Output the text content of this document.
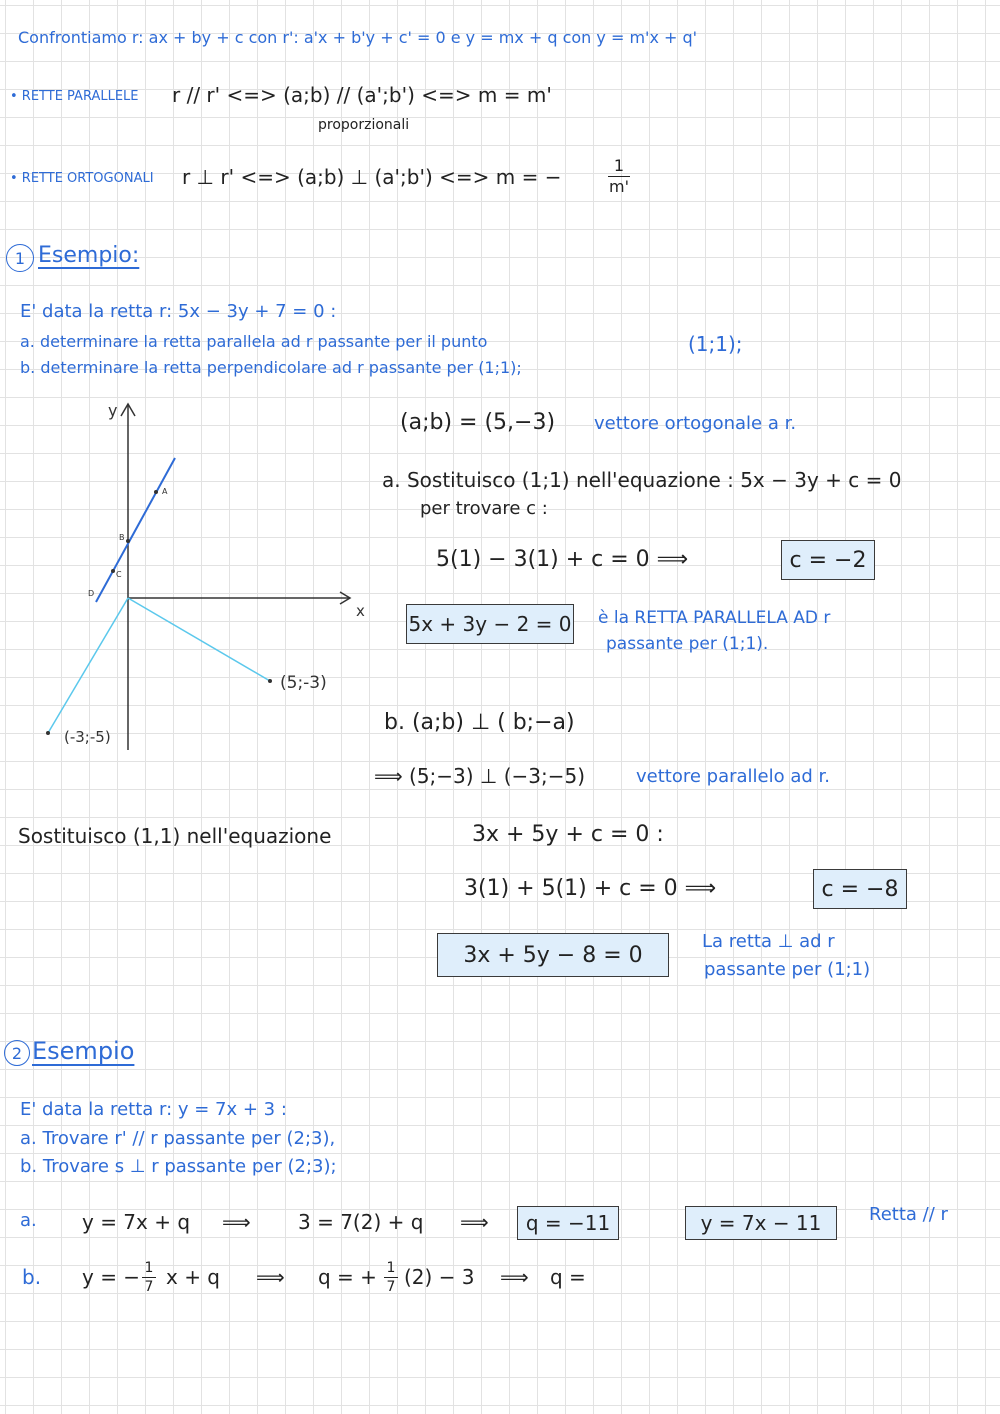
Confrontiamo r: ax + by + c con r': a'x + b'y + c' = 0 e y = mx + q con y = m'x + q'
• RETTE PARALLELE r // r' <=> (a;b) // (a';b') <=> m = m'
proporzionali
• RETTE ORTOGONALI r ⊥ r' <=> (a;b) ⊥ (a';b') <=> m = −	1
m'
1 Esempio:
E' data la retta r: 5x − 3y + 7 = 0 :
a. determinare la retta parallela ad r passante per il punto	(1;1);
b. determinare la retta perpendicolare ad r passante per (1;1);
y
x
A
B
C
D
(5;-3)
(-3;-5)
(a;b) = (5,−3) vettore ortogonale a r.
a. Sostituisco (1;1) nell'equazione : 5x − 3y + c = 0
per trovare c :
5(1) − 3(1) + c = 0 ⟹	c = −2
5x + 3y − 2 = 0 è la RETTA PARALLELA AD r
passante per (1;1).
b. (a;b) ⊥ ( b;−a)
⟹ (5;−3) ⊥ (−3;−5)	vettore parallelo ad r.
Sostituisco (1,1) nell'equazione	3x + 5y + c = 0 :
3(1) + 5(1) + c = 0 ⟹	c = −8
3x + 5y − 8 = 0
La retta ⊥ ad r
passante per (1;1)
2 Esempio
E' data la retta r: y = 7x + 3 :
a. Trovare r' // r passante per (2;3),
b. Trovare s ⊥ r passante per (2;3);
a. y = 7x + q ⟹ 3 = 7(2) + q ⟹	q = −11	y = 7x − 11	Retta // r
b. y = − 1
7 x + q ⟹ q = + 1
7 (2) − 3 ⟹ q =
